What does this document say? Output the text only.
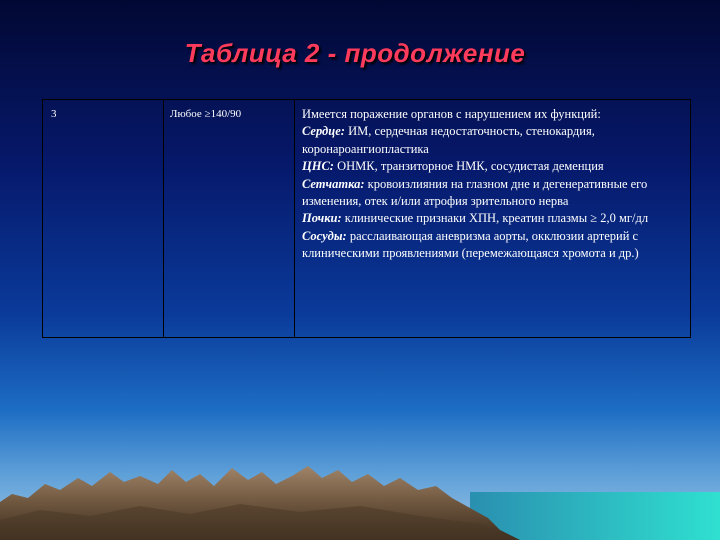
Таблица 2 - продолжение
3	Любое ≥140/90	Имеется поражение органов с нарушением их функций:
Сердце: ИМ, сердечная недостаточность, стенокардия, коронароангиопластика
ЦНС: ОНМК, транзиторное НМК, сосудистая деменция
Сетчатка: кровоизлияния на глазном дне и дегенеративные его изменения, отек и/или атрофия зрительного нерва
Почки: клинические признаки ХПН, креатин плазмы ≥ 2,0 мг/дл
Сосуды: расслаивающая аневризма аорты, окклюзии артерий с клиническими проявлениями (перемежающаяся хромота и др.)
